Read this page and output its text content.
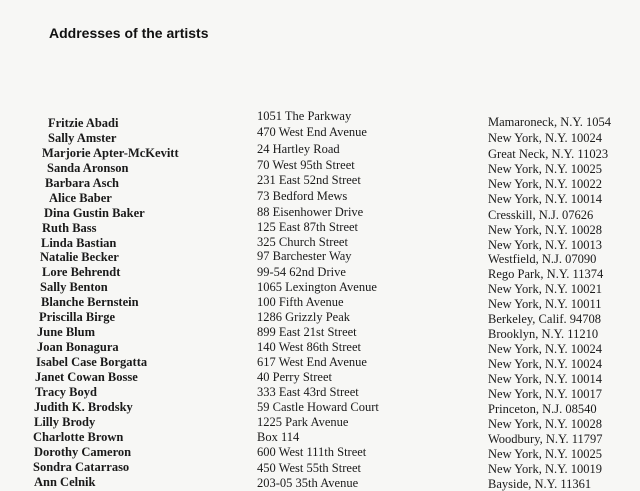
Addresses of the artists
Fritzie Abadi	1051 The Parkway	Mamaroneck, N.Y. 1054
Sally Amster	470 West End Avenue	New York, N.Y. 10024
Marjorie Apter-McKevitt	24 Hartley Road	Great Neck, N.Y. 11023
Sanda Aronson	70 West 95th Street	New York, N.Y. 10025
Barbara Asch	231 East 52nd Street	New York, N.Y. 10022
Alice Baber	73 Bedford Mews	New York, N.Y. 10014
Dina Gustin Baker	88 Eisenhower Drive	Cresskill, N.J. 07626
Ruth Bass	125 East 87th Street	New York, N.Y. 10028
Linda Bastian	325 Church Street	New York, N.Y. 10013
Natalie Becker	97 Barchester Way	Westfield, N.J. 07090
Lore Behrendt	99-54 62nd Drive	Rego Park, N.Y. 11374
Sally Benton	1065 Lexington Avenue	New York, N.Y. 10021
Blanche Bernstein	100 Fifth Avenue	New York, N.Y. 10011
Priscilla Birge	1286 Grizzly Peak	Berkeley, Calif. 94708
June Blum	899 East 21st Street	Brooklyn, N.Y. 11210
Joan Bonagura	140 West 86th Street	New York, N.Y. 10024
Isabel Case Borgatta	617 West End Avenue	New York, N.Y. 10024
Janet Cowan Bosse	40 Perry Street	New York, N.Y. 10014
Tracy Boyd	333 East 43rd Street	New York, N.Y. 10017
Judith K. Brodsky	59 Castle Howard Court	Princeton, N.J. 08540
Lilly Brody	1225 Park Avenue	New York, N.Y. 10028
Charlotte Brown	Box 114	Woodbury, N.Y. 11797
Dorothy Cameron	600 West 111th Street	New York, N.Y. 10025
Sondra Catarraso	450 West 55th Street	New York, N.Y. 10019
Ann Celnik	203-05 35th Avenue	Bayside, N.Y. 11361
